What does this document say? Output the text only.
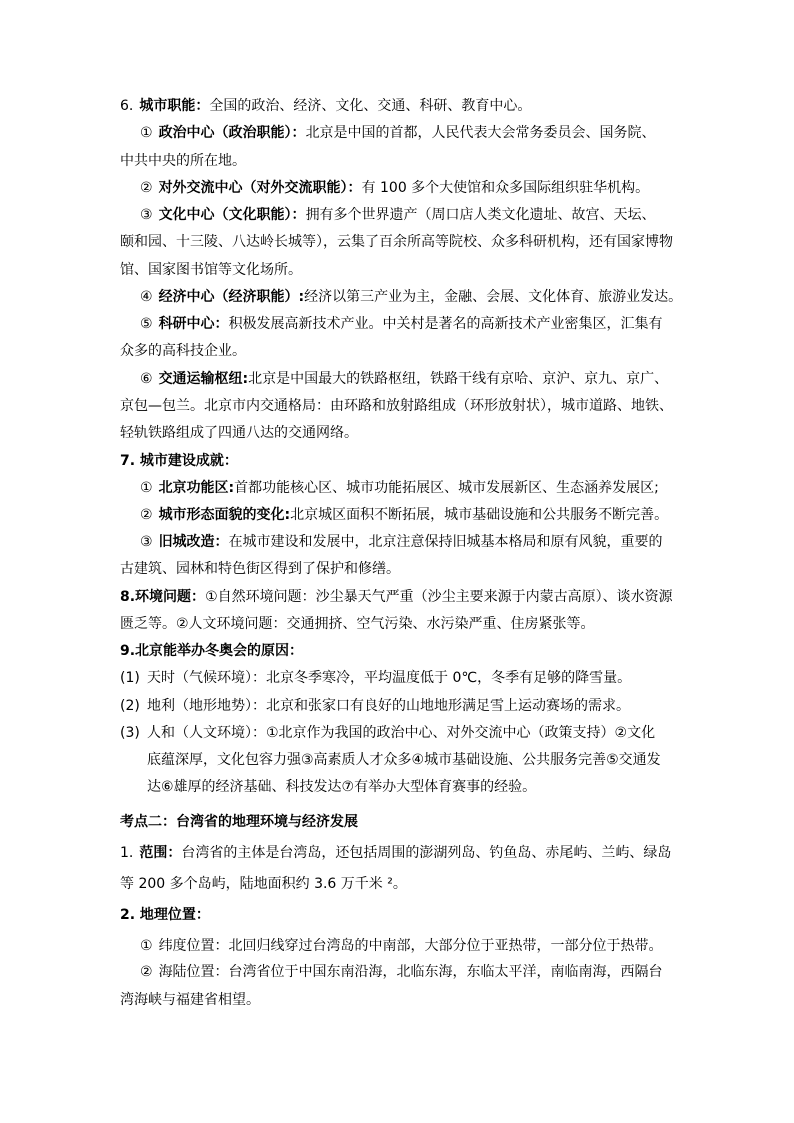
6. 城市职能：全国的政治、经济、文化、交通、科研、教育中心。
① 政治中心（政治职能）：北京是中国的首都，人民代表大会常务委员会、国务院、
中共中央的所在地。
② 对外交流中心（对外交流职能）：有 100 多个大使馆和众多国际组织驻华机构。
③ 文化中心（文化职能）：拥有多个世界遗产（周口店人类文化遗址、故宫、天坛、
颐和园、十三陵、八达岭长城等），云集了百余所高等院校、众多科研机构，还有国家博物
馆、国家图书馆等文化场所。
④ 经济中心（经济职能）:经济以第三产业为主，金融、会展、文化体育、旅游业发达。
⑤ 科研中心：积极发展高新技术产业。中关村是著名的高新技术产业密集区，汇集有
众多的高科技企业。
⑥ 交通运输枢纽:北京是中国最大的铁路枢纽，铁路干线有京哈、京沪、京九、京广、
京包—包兰。北京市内交通格局：由环路和放射路组成（环形放射状），城市道路、地铁、
轻轨铁路组成了四通八达的交通网络。
7. 城市建设成就：
① 北京功能区:首都功能核心区、城市功能拓展区、城市发展新区、生态涵养发展区;
② 城市形态面貌的变化:北京城区面积不断拓展，城市基础设施和公共服务不断完善。
③ 旧城改造：在城市建设和发展中，北京注意保持旧城基本格局和原有风貌，重要的
古建筑、园林和特色街区得到了保护和修缮。
8.环境问题：①自然环境问题：沙尘暴天气严重（沙尘主要来源于内蒙古高原）、谈水资源
匮乏等。②人文环境问题：交通拥挤、空气污染、水污染严重、住房紧张等。
9.北京能举办冬奥会的原因：
(1) 天时（气候环境）：北京冬季寒冷，平均温度低于 0℃，冬季有足够的降雪量。
(2) 地利（地形地势）：北京和张家口有良好的山地地形满足雪上运动赛场的需求。
(3) 人和（人文环境）：①北京作为我国的政治中心、对外交流中心（政策支持）②文化
底蕴深厚，文化包容力强③高素质人才众多④城市基础设施、公共服务完善⑤交通发
达⑥雄厚的经济基础、科技发达⑦有举办大型体育赛事的经验。
考点二：台湾省的地理环境与经济发展
1. 范围：台湾省的主体是台湾岛，还包括周围的澎湖列岛、钓鱼岛、赤尾屿、兰屿、绿岛
等 200 多个岛屿，陆地面积约 3.6 万千米 ²。
2. 地理位置：
① 纬度位置：北回归线穿过台湾岛的中南部，大部分位于亚热带，一部分位于热带。
② 海陆位置：台湾省位于中国东南沿海，北临东海，东临太平洋，南临南海，西隔台
湾海峡与福建省相望。
